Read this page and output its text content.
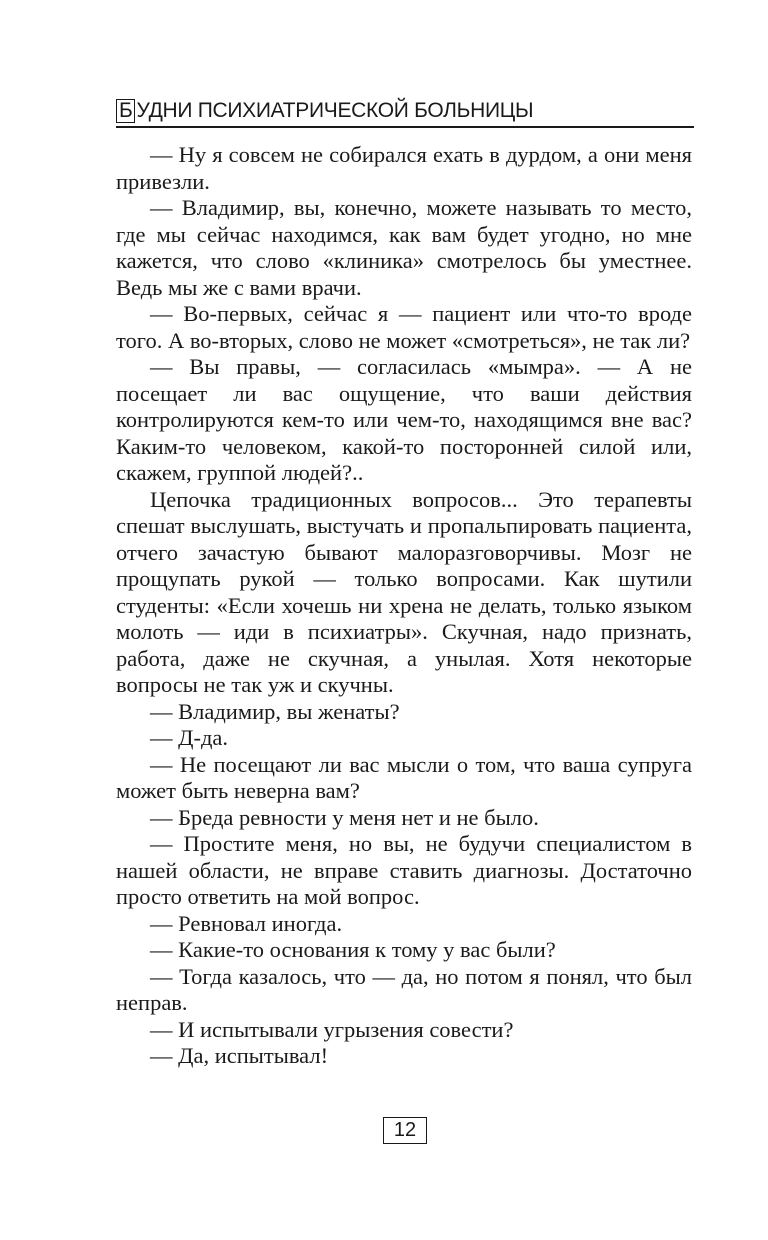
Б УДНИ ПСИХИАТРИЧЕСКОЙ БОЛЬНИЦЫ

— Ну я совсем не собирался ехать в дурдом, а они меня привезли.

— Владимир, вы, конечно, можете называть то место, где мы сейчас находимся, как вам будет угодно, но мне кажется, что слово «клиника» смотрелось бы уместнее. Ведь мы же с вами врачи.

— Во-первых, сейчас я — пациент или что-то вроде того. А во-вторых, слово не может «смотреться», не так ли?

— Вы правы, — согласилась «мымра». — А не посещает ли вас ощущение, что ваши действия контролируются кем-то или чем-то, находящимся вне вас? Каким-то человеком, какой-то посторонней силой или, скажем, группой людей?..

Цепочка традиционных вопросов... Это терапевты спешат выслушать, выстучать и пропальпировать пациента, отчего зачастую бывают малоразговорчивы. Мозг не прощупать рукой — только вопросами. Как шутили студенты: «Если хочешь ни хрена не делать, только языком молоть — иди в психиатры». Скучная, надо признать, работа, даже не скучная, а унылая. Хотя некоторые вопросы не так уж и скучны.

— Владимир, вы женаты?

— Д-да.

— Не посещают ли вас мысли о том, что ваша супруга может быть неверна вам?

— Бреда ревности у меня нет и не было.

— Простите меня, но вы, не будучи специалистом в нашей области, не вправе ставить диагнозы. Достаточно просто ответить на мой вопрос.

— Ревновал иногда.

— Какие-то основания к тому у вас были?

— Тогда казалось, что — да, но потом я понял, что был неправ.

— И испытывали угрызения совести?

— Да, испытывал!

12
